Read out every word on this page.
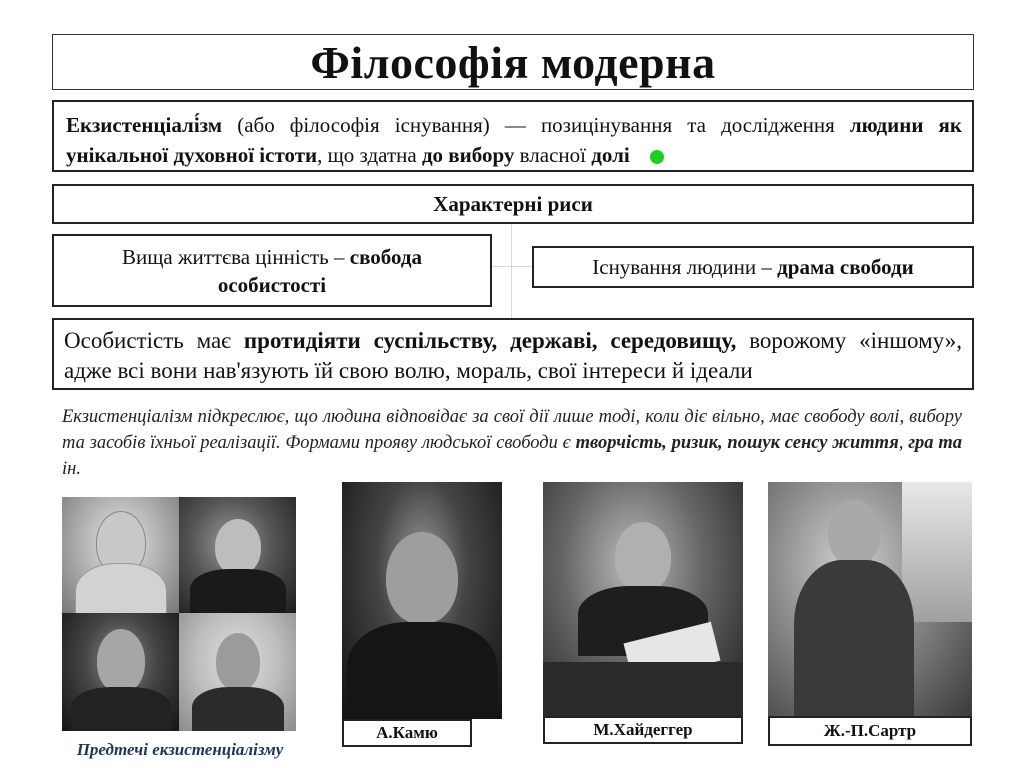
Філософія модерна
Екзистенціалі́зм (або філософія існування) — позицінування та дослідження людини як унікальної духовної істоти, що здатна до вибору власної долі
Характерні риси
Вища життєва цінність – свобода особистості
Існування людини – драма свободи
Особистість має протидіяти суспільству, державі, середовищу, ворожому «іншому», адже всі вони нав'язують їй свою волю, мораль, свої інтереси й ідеали
Екзистенціалізм підкреслює, що людина відповідає за свої дії лише тоді, коли діє вільно, має свободу волі, вибору та засобів їхньої реалізації. Формами прояву людської свободи є творчість, ризик, пошук сенсу життя, гра та ін.
Предтечі екзистенціалізму
А.Камю	М.Хайдеггер	Ж.-П.Сартр
